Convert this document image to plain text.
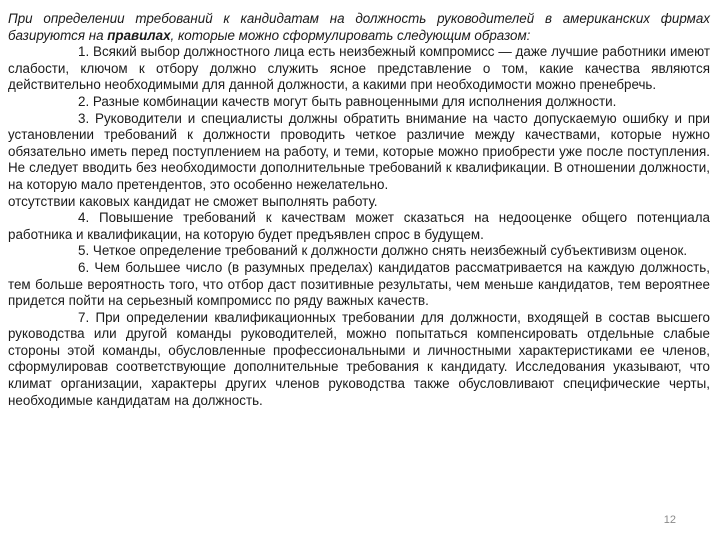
При определении требований к кандидатам на должность руководителей в американских фирмах базируются на правилах, которые можно сформулировать следующим образом:

1. Всякий выбор должностного лица есть неизбежный компромисс — даже лучшие работники имеют слабости, ключом к отбору должно служить ясное представление о том, какие качества являются действительно необходимыми для данной должности, а какими при необходимости можно пренебречь.

2. Разные комбинации качеств могут быть равноценными для исполнения должности.

3. Руководители и специалисты должны обратить внимание на часто допускаемую ошибку и при установлении требований к должности проводить четкое различие между качествами, которые нужно обязательно иметь перед поступлением на работу, и теми, которые можно приобрести уже после поступления. Не следует вводить без необходимости дополнительные требований к квалификации. В отношении должности, на которую мало претендентов, это особенно нежелательно.

отсутствии каковых кандидат не сможет выполнять работу.

4. Повышение требований к качествам может сказаться на недооценке общего потенциала работника и квалификации, на которую будет предъявлен спрос в будущем.

5. Четкое определение требований к должности должно снять неизбежный субъективизм оценок.

6. Чем большее число (в разумных пределах) кандидатов рассматривается на каждую должность, тем больше вероятность того, что отбор даст позитивные результаты, чем меньше кандидатов, тем вероятнее придется пойти на серьезный компромисс по ряду важных качеств.

7. При определении квалификационных требовании для должности, входящей в состав высшего руководства или другой команды руководителей, можно попытаться компенсировать отдельные слабые стороны этой команды, обусловленные профессиональными и личностными характеристиками ее членов, сформулировав соответствующие дополнительные требования к кандидату. Исследования указывают, что климат организации, характеры других членов руководства также обусловливают специфические черты, необходимые кандидатам на должность.

12
